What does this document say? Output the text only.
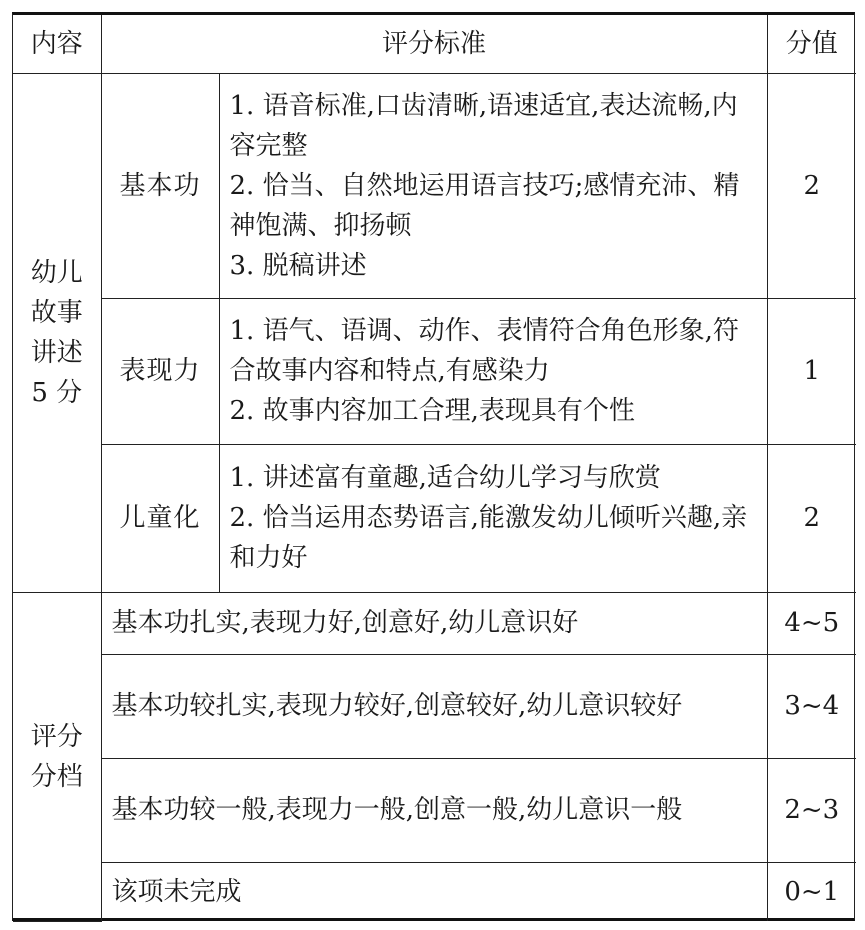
内容	评分标准		分值

幼儿
故事
讲述
5 分	基本功	1. 语音标准,口齿清晰,语速适宜,表达流畅,内容完整
2. 恰当、自然地运用语言技巧;感情充沛、精神饱满、抑扬顿
3. 脱稿讲述	2
	表现力	1. 语气、语调、动作、表情符合角色形象,符合故事内容和特点,有感染力
2. 故事内容加工合理,表现具有个性	1
	儿童化	1. 讲述富有童趣,适合幼儿学习与欣赏
2. 恰当运用态势语言,能激发幼儿倾听兴趣,亲和力好	2

评分
分档	基本功扎实,表现力好,创意好,幼儿意识好		4~5
	基本功较扎实,表现力较好,创意较好,幼儿意识较好		3~4
	基本功较一般,表现力一般,创意一般,幼儿意识一般		2~3
	该项未完成		0~1
